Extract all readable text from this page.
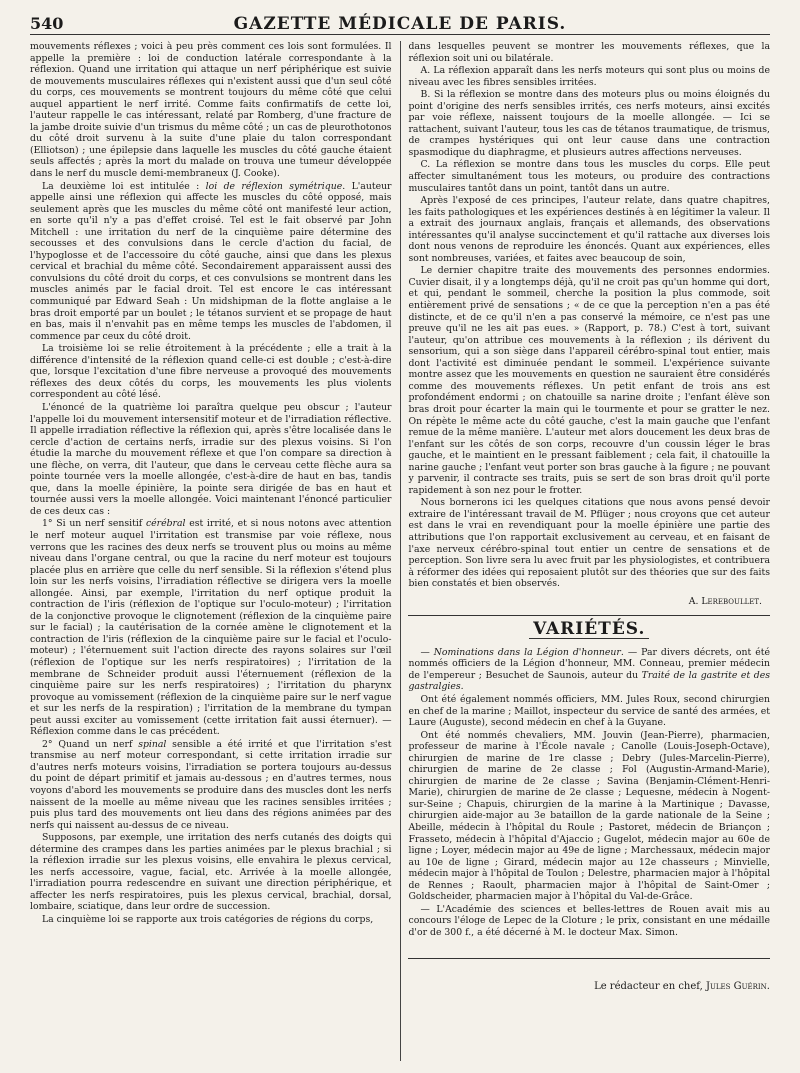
540	GAZETTE MÉDICALE DE PARIS.

mouvements réflexes ; voici à peu près comment ces lois sont formulées. Il appelle la première : loi de conduction latérale correspondante à la réflexion. Quand une irritation qui attaque un nerf périphérique est suivie de mouvements musculaires réflexes qui n'existent aussi que d'un seul côté du corps, ces mouvements se montrent toujours du même côté que celui auquel appartient le nerf irrité. Comme faits confirmatifs de cette loi, l'auteur rappelle le cas intéressant, relaté par Romberg, d'une fracture de la jambe droite suivie d'un trismus du même côté ; un cas de pleurothotonos du côté droit survenu à la suite d'une plaie du talon correspondant (Elliotson) ; une épilepsie dans laquelle les muscles du côté gauche étaient seuls affectés ; après la mort du malade on trouva une tumeur développée dans le nerf du muscle demi-membraneux (J. Cooke).

La deuxième loi est intitulée : loi de réflexion symétrique. L'auteur appelle ainsi une réflexion qui affecte les muscles du côté opposé, mais seulement après que les muscles du même côté ont manifesté leur action, en sorte qu'il n'y a pas d'effet croisé. Tel est le fait observé par John Mitchell : une irritation du nerf de la cinquième paire détermine des secousses et des convulsions dans le cercle d'action du facial, de l'hypoglosse et de l'accessoire du côté gauche, ainsi que dans les plexus cervical et brachial du même côté. Secondairement apparaissent aussi des convulsions du côté droit du corps, et ces convulsions se montrent dans les muscles animés par le facial droit. Tel est encore le cas intéressant communiqué par Edward Seah : Un midshipman de la flotte anglaise a le bras droit emporté par un boulet ; le tétanos survient et se propage de haut en bas, mais il n'envahit pas en même temps les muscles de l'abdomen, il commence par ceux du côté droit.

La troisième loi se relie étroitement à la précédente ; elle a trait à la différence d'intensité de la réflexion quand celle-ci est double ; c'est-à-dire que, lorsque l'excitation d'une fibre nerveuse a provoqué des mouvements réflexes des deux côtés du corps, les mouvements les plus violents correspondent au côté lésé.

L'énoncé de la quatrième loi paraîtra quelque peu obscur ; l'auteur l'appelle loi du mouvement intersensitif moteur et de l'irradiation réflective. Il appelle irradiation réflective la réflexion qui, après s'être localisée dans le cercle d'action de certains nerfs, irradie sur des plexus voisins. Si l'on étudie la marche du mouvement réflexe et que l'on compare sa direction à une flèche, on verra, dit l'auteur, que dans le cerveau cette flèche aura sa pointe tournée vers la moelle allongée, c'est-à-dire de haut en bas, tandis que, dans la moelle épinière, la pointe sera dirigée de bas en haut et tournée aussi vers la moelle allongée. Voici maintenant l'énoncé particulier de ces deux cas :

1° Si un nerf sensitif cérébral est irrité, et si nous notons avec attention le nerf moteur auquel l'irritation est transmise par voie réflexe, nous verrons que les racines des deux nerfs se trouvent plus ou moins au même niveau dans l'organe central, ou que la racine du nerf moteur est toujours placée plus en arrière que celle du nerf sensible. Si la réflexion s'étend plus loin sur les nerfs voisins, l'irradiation réflective se dirigera vers la moelle allongée. Ainsi, par exemple, l'irritation du nerf optique produit la contraction de l'iris (réflexion de l'optique sur l'oculo-moteur) ; l'irritation de la conjonctive provoque le clignotement (réflexion de la cinquième paire sur le facial) ; la cautérisation de la cornée amène le clignotement et la contraction de l'iris (réflexion de la cinquième paire sur le facial et l'oculo-moteur) ; l'éternuement suit l'action directe des rayons solaires sur l'œil (réflexion de l'optique sur les nerfs respiratoires) ; l'irritation de la membrane de Schneider produit aussi l'éternuement (réflexion de la cinquième paire sur les nerfs respiratoires) ; l'irritation du pharynx provoque au vomissement (réflexion de la cinquième paire sur le nerf vague et sur les nerfs de la respiration) ; l'irritation de la membrane du tympan peut aussi exciter au vomissement (cette irritation fait aussi éternuer). — Réflexion comme dans le cas précédent.

2° Quand un nerf spinal sensible a été irrité et que l'irritation s'est transmise au nerf moteur correspondant, si cette irritation irradie sur d'autres nerfs moteurs voisins, l'irradiation se portera toujours au-dessus du point de départ primitif et jamais au-dessous ; en d'autres termes, nous voyons d'abord les mouvements se produire dans des muscles dont les nerfs naissent de la moelle au même niveau que les racines sensibles irritées ; puis plus tard des mouvements ont lieu dans des régions animées par des nerfs qui naissent au-dessus de ce niveau.

Supposons, par exemple, une irritation des nerfs cutanés des doigts qui détermine des crampes dans les parties animées par le plexus brachial ; si la réflexion irradie sur les plexus voisins, elle envahira le plexus cervical, les nerfs accessoire, vague, facial, etc. Arrivée à la moelle allongée, l'irradiation pourra redescendre en suivant une direction périphérique, et affecter les nerfs respiratoires, puis les plexus cervical, brachial, dorsal, lombaire, sciatique, dans leur ordre de succession.

La cinquième loi se rapporte aux trois catégories de régions du corps,

dans lesquelles peuvent se montrer les mouvements réflexes, que la réflexion soit uni ou bilatérale.

A. La réflexion apparaît dans les nerfs moteurs qui sont plus ou moins de niveau avec les fibres sensibles irritées.

B. Si la réflexion se montre dans des moteurs plus ou moins éloignés du point d'origine des nerfs sensibles irrités, ces nerfs moteurs, ainsi excités par voie réflexe, naissent toujours de la moelle allongée. — Ici se rattachent, suivant l'auteur, tous les cas de tétanos traumatique, de trismus, de crampes hystériques qui ont leur cause dans une contraction spasmodique du diaphragme, et plusieurs autres affections nerveuses.

C. La réflexion se montre dans tous les muscles du corps. Elle peut affecter simultanément tous les moteurs, ou produire des contractions musculaires tantôt dans un point, tantôt dans un autre.

Après l'exposé de ces principes, l'auteur relate, dans quatre chapitres, les faits pathologiques et les expériences destinés à en légitimer la valeur. Il a extrait des journaux anglais, français et allemands, des observations intéressantes qu'il analyse succinctement et qu'il rattache aux diverses lois dont nous venons de reproduire les énoncés. Quant aux expériences, elles sont nombreuses, variées, et faites avec beaucoup de soin,

Le dernier chapitre traite des mouvements des personnes endormies. Cuvier disait, il y a longtemps déjà, qu'il ne croit pas qu'un homme qui dort, et qui, pendant le sommeil, cherche la position la plus commode, soit entièrement privé de sensations ; « de ce que la perception n'en a pas été distincte, et de ce qu'il n'en a pas conservé la mémoire, ce n'est pas une preuve qu'il ne les ait pas eues. » (Rapport, p. 78.) C'est à tort, suivant l'auteur, qu'on attribue ces mouvements à la réflexion ; ils dérivent du sensorium, qui a son siège dans l'appareil cérébro-spinal tout entier, mais dont l'activité est diminuée pendant le sommeil. L'expérience suivante montre assez que les mouvements en question ne sauraient être considérés comme des mouvements réflexes. Un petit enfant de trois ans est profondément endormi ; on chatouille sa narine droite ; l'enfant élève son bras droit pour écarter la main qui le tourmente et pour se gratter le nez. On répète le même acte du côté gauche, c'est la main gauche que l'enfant remue de la même manière. L'auteur met alors doucement les deux bras de l'enfant sur les côtés de son corps, recouvre d'un coussin léger le bras gauche, et le maintient en le pressant faiblement ; cela fait, il chatouille la narine gauche ; l'enfant veut porter son bras gauche à la figure ; ne pouvant y parvenir, il contracte ses traits, puis se sert de son bras droit qu'il porte rapidement à son nez pour le frotter.

Nous bornerons ici les quelques citations que nous avons pensé devoir extraire de l'intéressant travail de M. Pflüger ; nous croyons que cet auteur est dans le vrai en revendiquant pour la moelle épinière une partie des attributions que l'on rapportait exclusivement au cerveau, et en faisant de l'axe nerveux cérébro-spinal tout entier un centre de sensations et de perception. Son livre sera lu avec fruit par les physiologistes, et contribuera à réformer des idées qui reposaient plutôt sur des théories que sur des faits bien constatés et bien observés.

A. Lereboullet.

VARIÉTÉS.

— Nominations dans la Légion d'honneur. — Par divers décrets, ont été nommés officiers de la Légion d'honneur, MM. Conneau, premier médecin de l'empereur ; Besuchet de Saunois, auteur du Traité de la gastrite et des gastralgies.

Ont été également nommés officiers, MM. Jules Roux, second chirurgien en chef de la marine ; Maillot, inspecteur du service de santé des armées, et Laure (Auguste), second médecin en chef à la Guyane.

Ont été nommés chevaliers, MM. Jouvin (Jean-Pierre), pharmacien, professeur de marine à l'École navale ; Canolle (Louis-Joseph-Octave), chirurgien de marine de 1re classe ; Debry (Jules-Marcelin-Pierre), chirurgien de marine de 2e classe ; Fol (Augustin-Armand-Marie), chirurgien de marine de 2e classe ; Savina (Benjamin-Clément-Henri-Marie), chirurgien de marine de 2e classe ; Lequesne, médecin à Nogent-sur-Seine ; Chapuis, chirurgien de la marine à la Martinique ; Davasse, chirurgien aide-major au 3e bataillon de la garde nationale de la Seine ; Abeille, médecin à l'hôpital du Roule ; Pastoret, médecin de Briançon ; Frasseto, médecin à l'hôpital d'Ajaccio ; Gugelot, médecin major au 60e de ligne ; Loyer, médecin major au 49e de ligne ; Marchessaux, médecin major au 10e de ligne ; Girard, médecin major au 12e chasseurs ; Minvielle, médecin major à l'hôpital de Toulon ; Delestre, pharmacien major à l'hôpital de Rennes ; Raoult, pharmacien major à l'hôpital de Saint-Omer ; Goldscheider, pharmacien major à l'hôpital du Val-de-Grâce.

— L'Académie des sciences et belles-lettres de Rouen avait mis au concours l'éloge de Lepec de la Cloture ; le prix, consistant en une médaille d'or de 300 f., a été décerné à M. le docteur Max. Simon.

Le rédacteur en chef, Jules Guérin.
